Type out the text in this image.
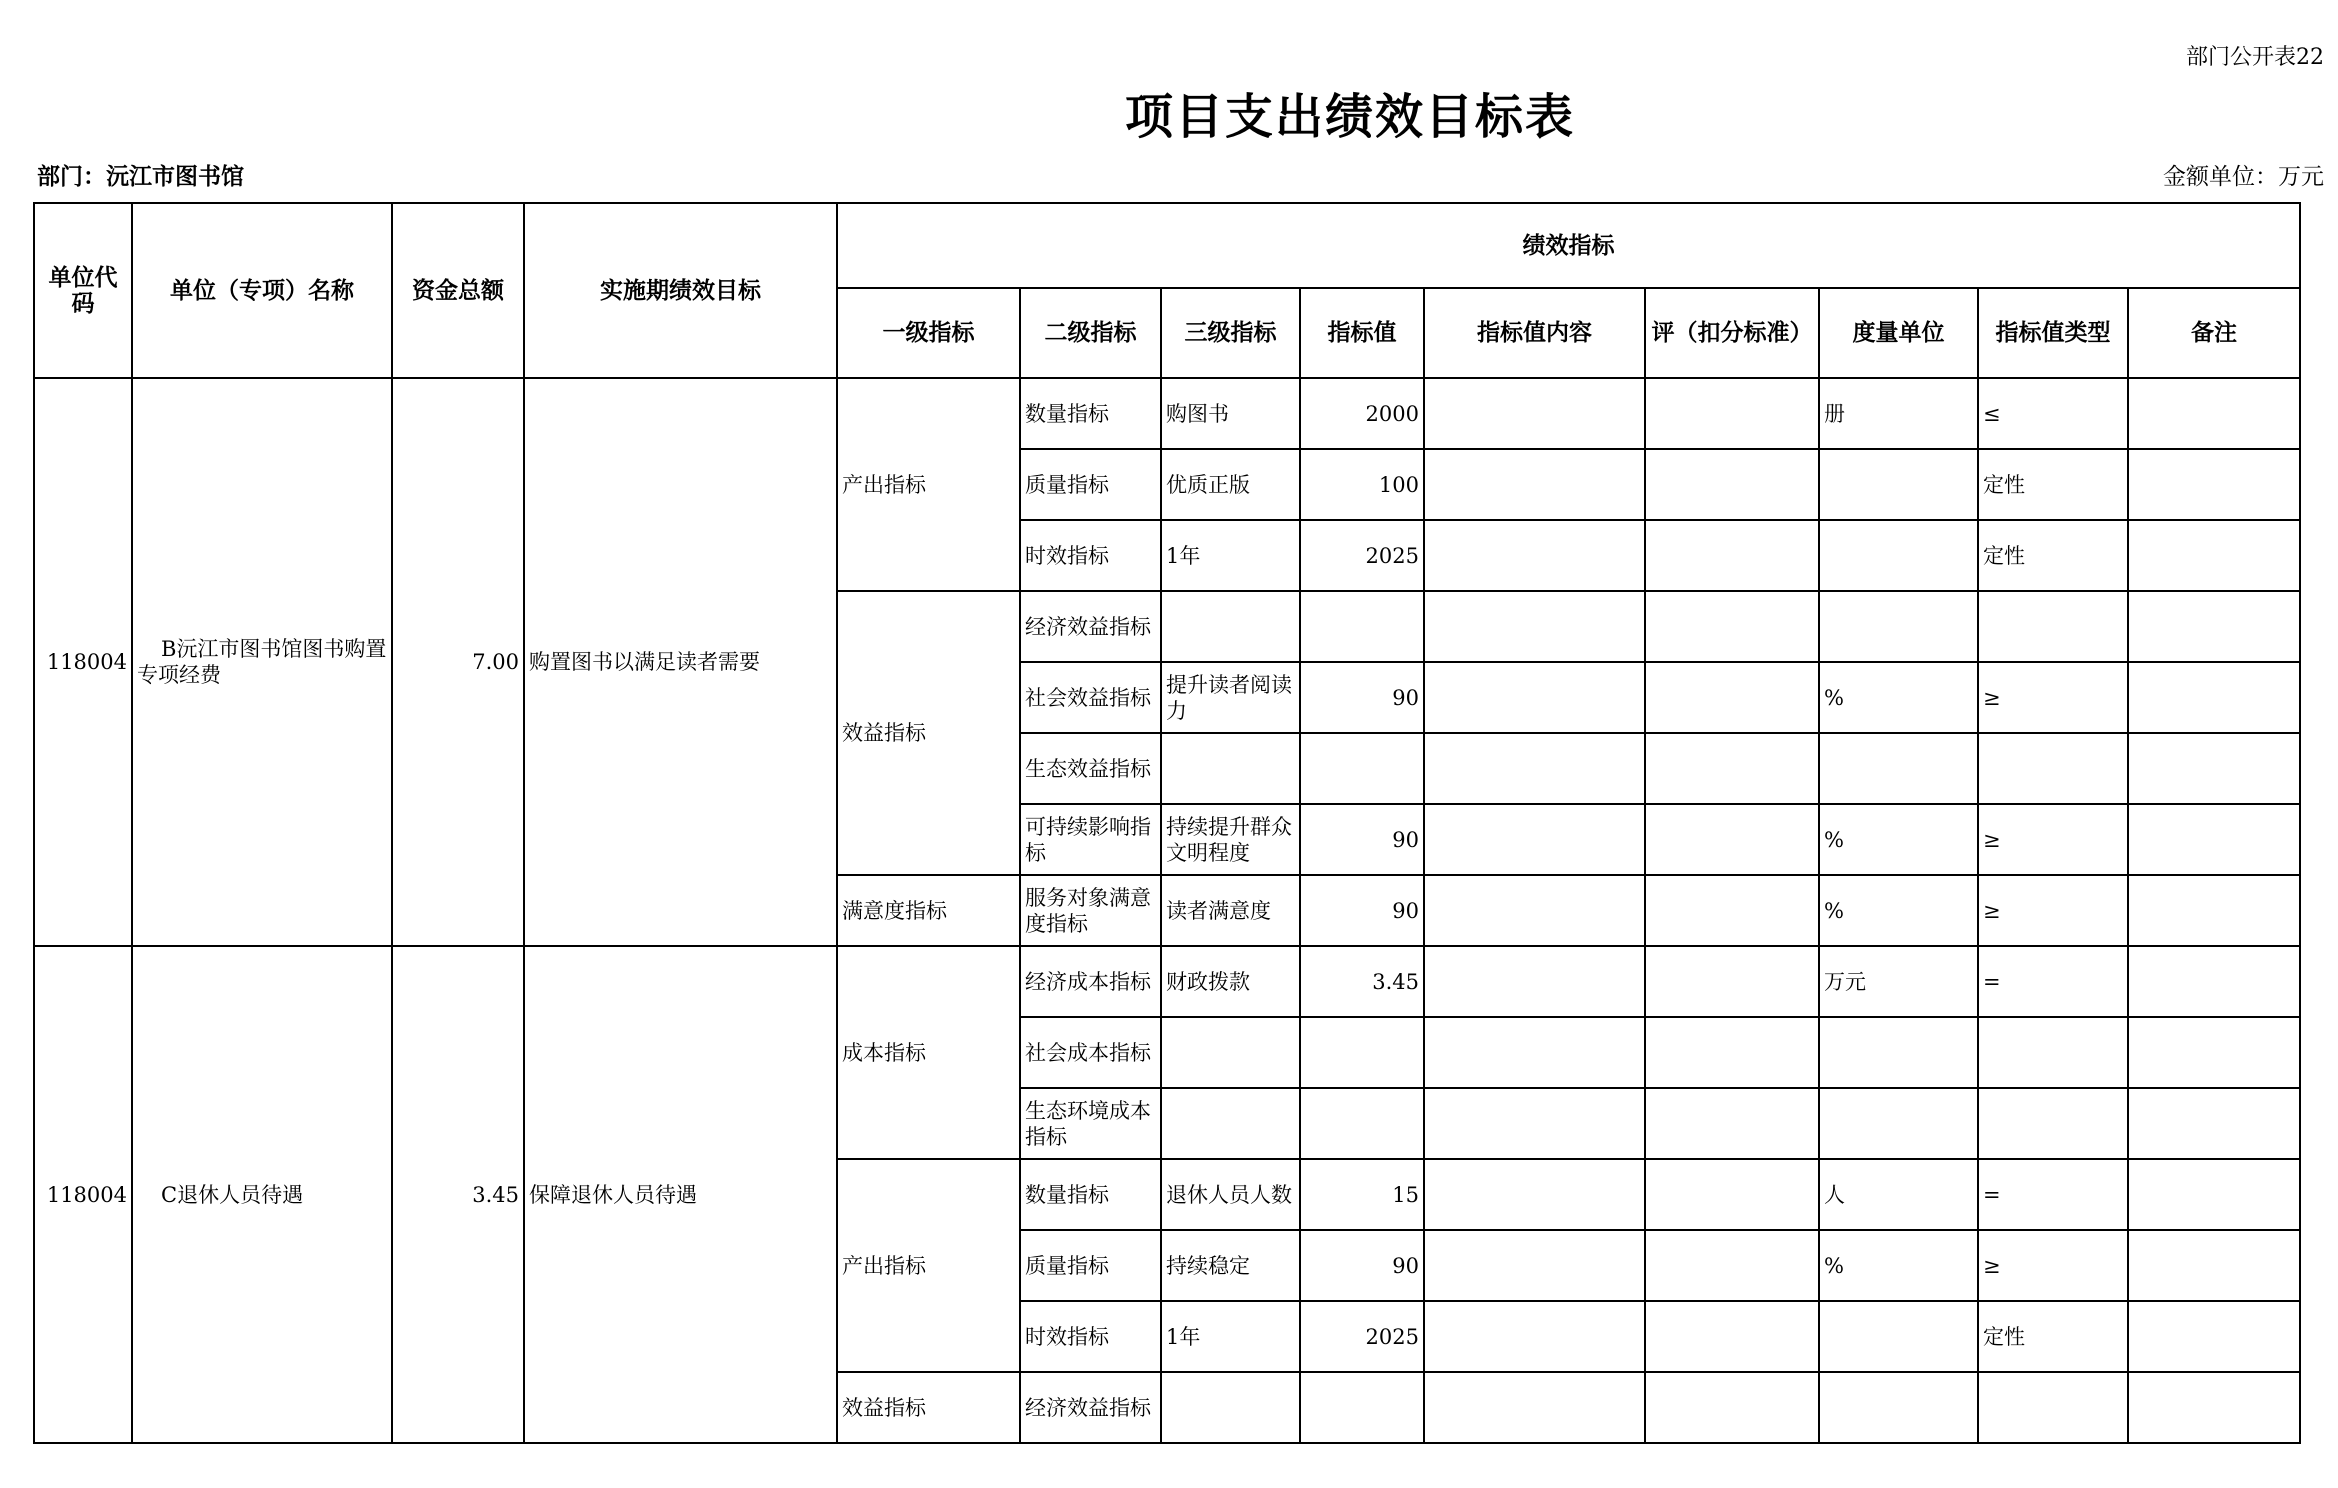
部门公开表22
项目支出绩效目标表
部门：沅江市图书馆	金额单位：万元
单位代码	单位（专项）名称	资金总额	实施期绩效目标	绩效指标								
				一级指标	二级指标	三级指标	指标值	指标值内容	评（扣分标准）	度量单位	指标值类型	备注
118004	B沅江市图书馆图书购置专项经费	7.00	购置图书以满足读者需要	产出指标	数量指标	购图书	2000			册	≤	
					质量指标	优质正版	100				定性	
					时效指标	1年	2025				定性	
				效益指标	经济效益指标							
					社会效益指标	提升读者阅读力	90			%	≥	
					生态效益指标							
					可持续影响指标	持续提升群众文明程度	90			%	≥	
				满意度指标	服务对象满意度指标	读者满意度	90			%	≥	
118004	C退休人员待遇	3.45	保障退休人员待遇	成本指标	经济成本指标	财政拨款	3.45			万元	=	
					社会成本指标							
					生态环境成本指标							
				产出指标	数量指标	退休人员人数	15			人	=	
					质量指标	持续稳定	90			%	≥	
					时效指标	1年	2025				定性	
				效益指标	经济效益指标							
